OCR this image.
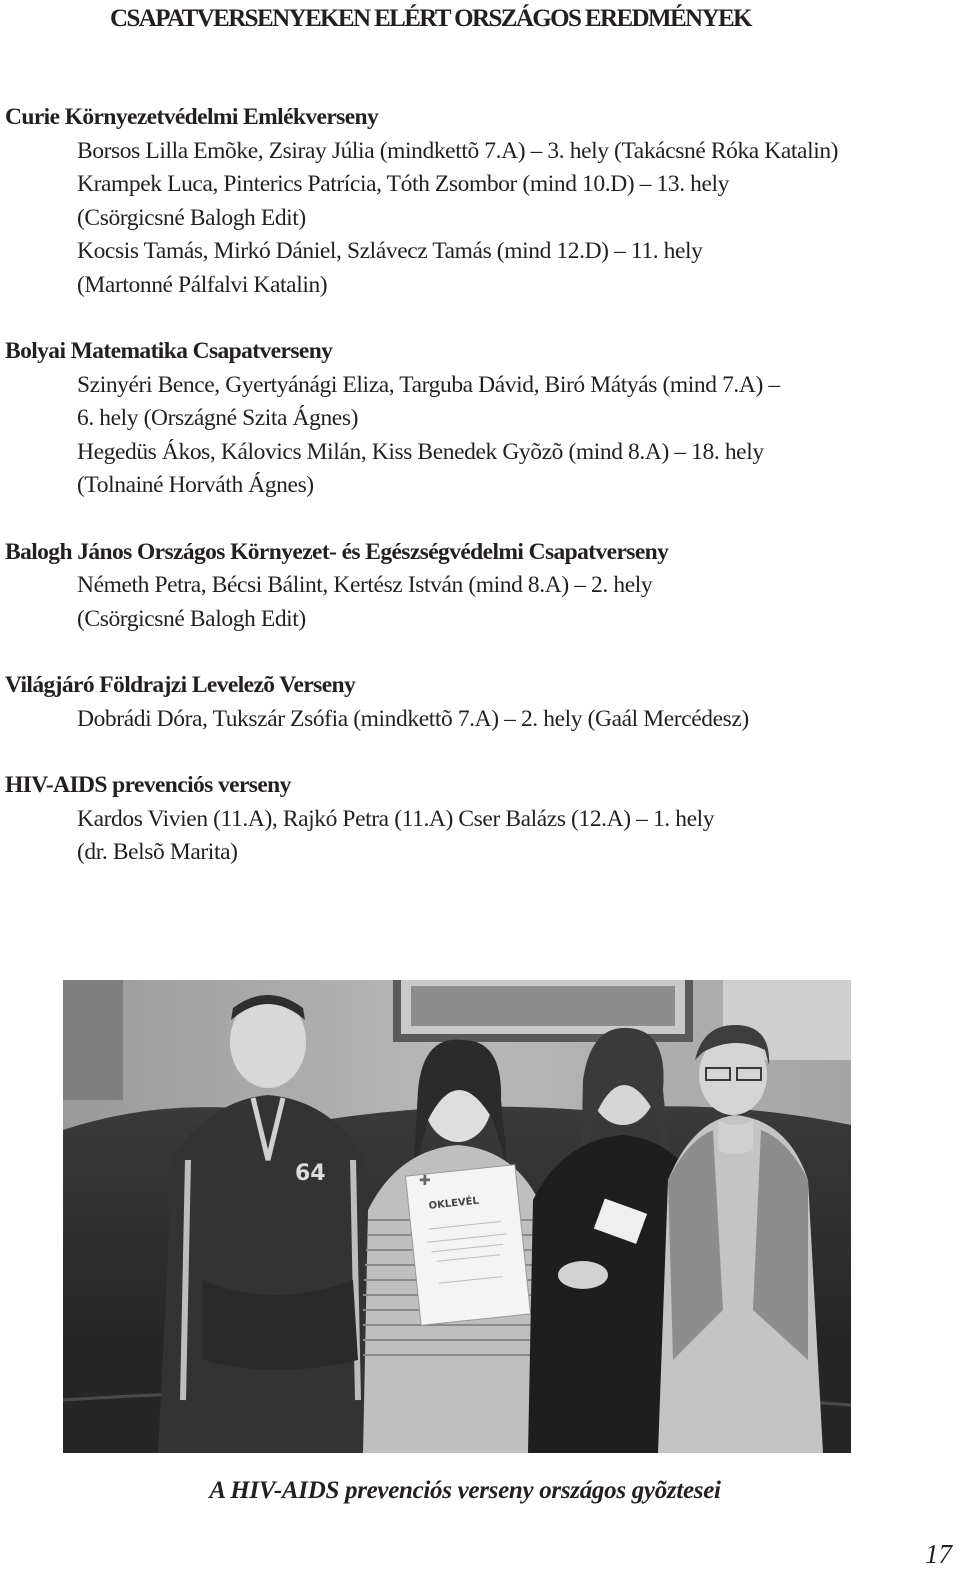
CSAPATVERSENYEKEN ELÉRT ORSZÁGOS EREDMÉNYEK
Curie Környezetvédelmi Emlékverseny
Borsos Lilla Emõke, Zsiray Júlia (mindkettõ 7.A) – 3. hely (Takácsné Róka Katalin)
Krampek Luca, Pinterics Patrícia, Tóth Zsombor (mind 10.D) – 13. hely
(Csörgicsné Balogh Edit)
Kocsis Tamás, Mirkó Dániel, Szlávecz Tamás (mind 12.D) – 11. hely
(Martonné Pálfalvi Katalin)
Bolyai Matematika Csapatverseny
Szinyéri Bence, Gyertyánági Eliza, Targuba Dávid, Biró Mátyás (mind 7.A) –
6. hely (Országné Szita Ágnes)
Hegedüs Ákos, Kálovics Milán, Kiss Benedek Gyõzõ (mind 8.A) – 18. hely
(Tolnainé Horváth Ágnes)
Balogh János Országos Környezet- és Egészségvédelmi Csapatverseny
Németh Petra, Bécsi Bálint, Kertész István (mind 8.A) – 2. hely
(Csörgicsné Balogh Edit)
Világjáró Földrajzi Levelezõ Verseny
Dobrádi Dóra, Tukszár Zsófia (mindkettõ 7.A) – 2. hely (Gaál Mercédesz)
HIV-AIDS prevenciós verseny
Kardos Vivien (11.A), Rajkó Petra (11.A) Cser Balázs (12.A) – 1. hely
(dr. Belsõ Marita)
64
OKLEVÉL
✚
A HIV-AIDS prevenciós verseny országos gyõztesei
17
